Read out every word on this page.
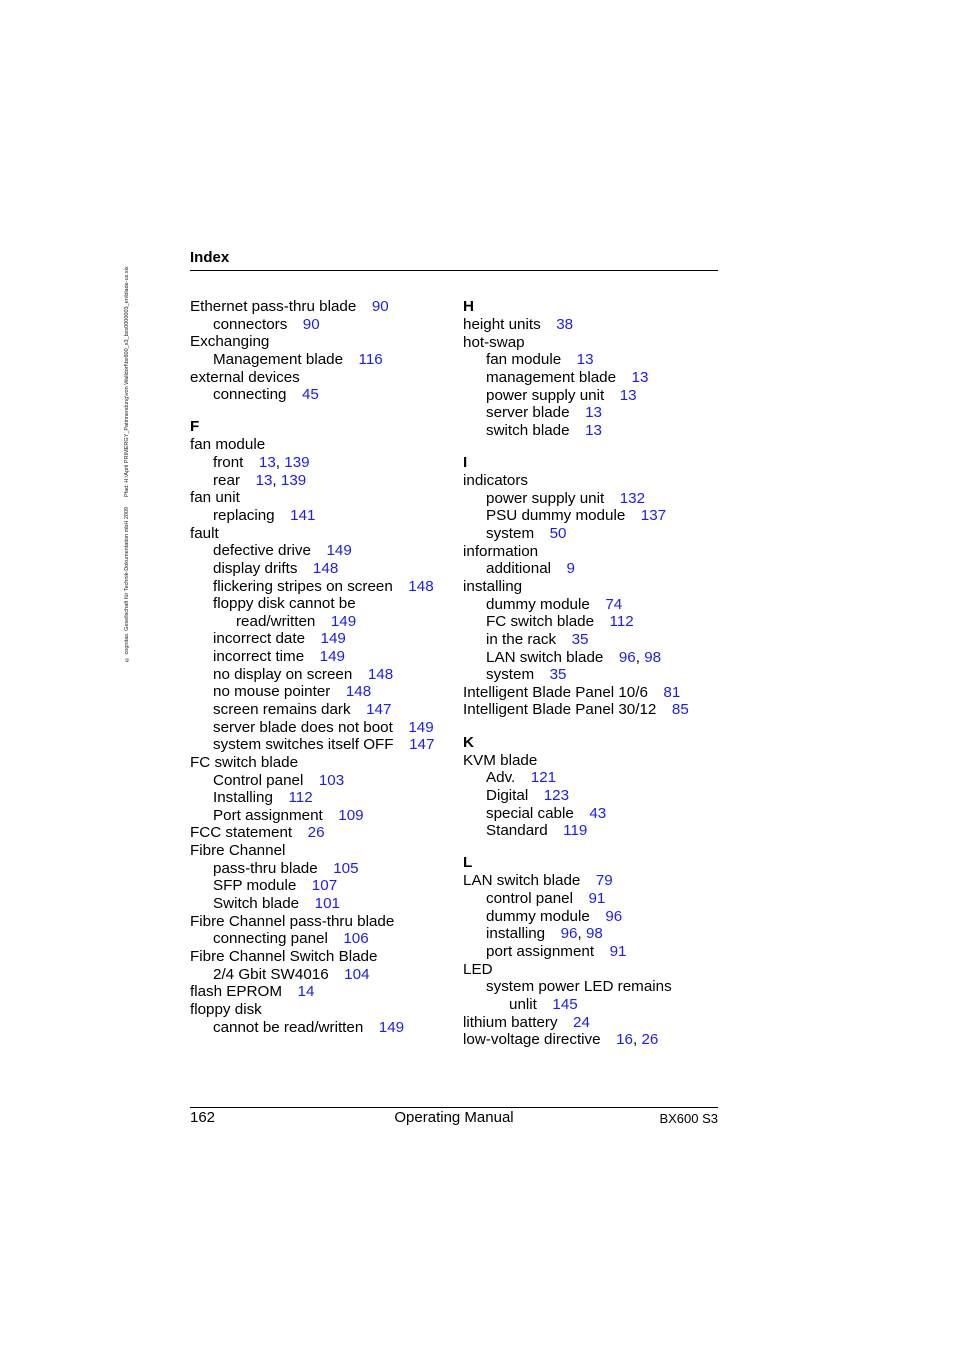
© cognitas. Gesellschaft für Technik-Dokumentation mbH 2009Pfad: H:\April PRIMERGY_Patinnendung\von Walldorf\bx600_s3_bxs0000003_en\blade-us.six
Index
Ethernet pass-thru blade 90
connectors 90
Exchanging
Management blade 116
external devices
connecting 45
F
fan module
front 13, 139
rear 13, 139
fan unit
replacing 141
fault
defective drive 149
display drifts 148
flickering stripes on screen 148
floppy disk cannot be
read/written 149
incorrect date 149
incorrect time 149
no display on screen 148
no mouse pointer 148
screen remains dark 147
server blade does not boot 149
system switches itself OFF 147
FC switch blade
Control panel 103
Installing 112
Port assignment 109
FCC statement 26
Fibre Channel
pass-thru blade 105
SFP module 107
Switch blade 101
Fibre Channel pass-thru blade
connecting panel 106
Fibre Channel Switch Blade
2/4 Gbit SW4016 104
flash EPROM 14
floppy disk
cannot be read/written 149
H
height units 38
hot-swap
fan module 13
management blade 13
power supply unit 13
server blade 13
switch blade 13
I
indicators
power supply unit 132
PSU dummy module 137
system 50
information
additional 9
installing
dummy module 74
FC switch blade 112
in the rack 35
LAN switch blade 96, 98
system 35
Intelligent Blade Panel 10/6 81
Intelligent Blade Panel 30/12 85
K
KVM blade
Adv. 121
Digital 123
special cable 43
Standard 119
L
LAN switch blade 79
control panel 91
dummy module 96
installing 96, 98
port assignment 91
LED
system power LED remains
unlit 145
lithium battery 24
low-voltage directive 16, 26
162	Operating Manual	BX600 S3
